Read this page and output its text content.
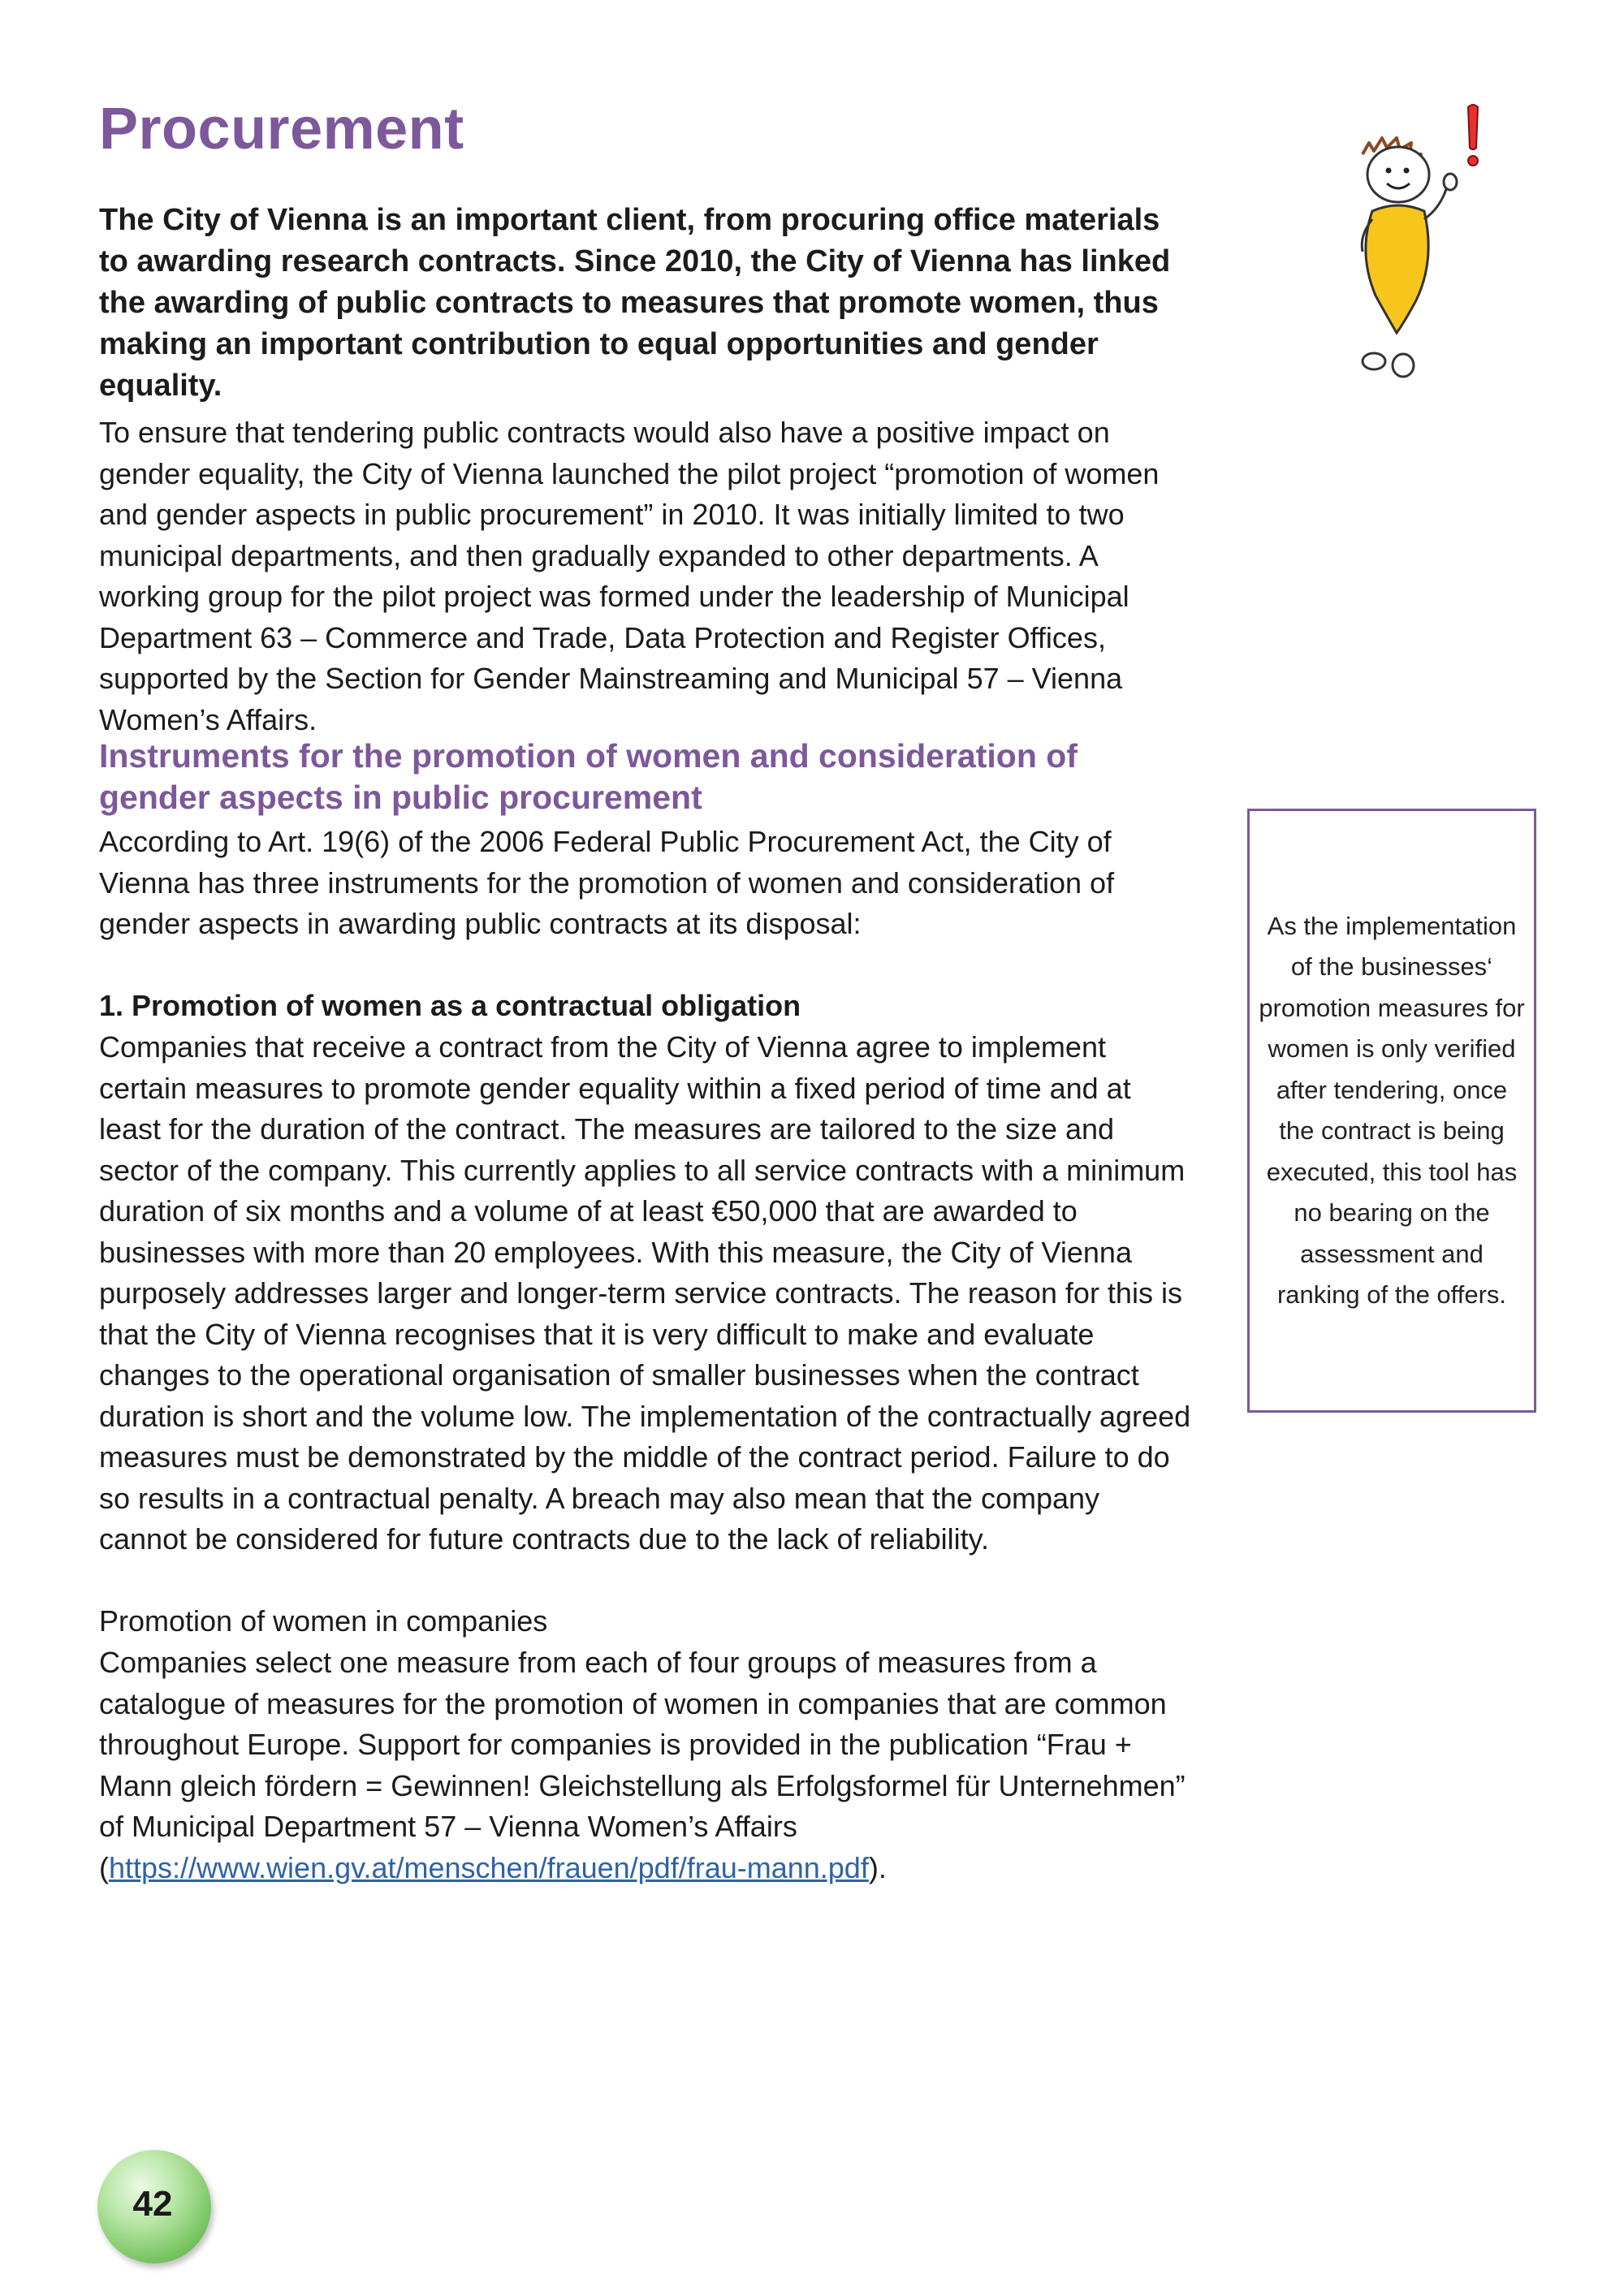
Procurement

The City of Vienna is an important client, from procuring office materials to awarding research contracts. Since 2010, the City of Vienna has linked the awarding of public contracts to measures that promote women, thus making an important contribution to equal opportunities and gender equality.

To ensure that tendering public contracts would also have a positive impact on gender equality, the City of Vienna launched the pilot project “promotion of women and gender aspects in public procurement” in 2010. It was initially limited to two municipal departments, and then gradually expanded to other departments. A working group for the pilot project was formed under the leadership of Municipal Department 63 – Commerce and Trade, Data Protection and Register Offices, supported by the Section for Gender Mainstreaming and Municipal 57 – Vienna Women’s Affairs.

Instruments for the promotion of women and consideration of gender aspects in public procurement

According to Art. 19(6) of the 2006 Federal Public Procurement Act, the City of Vienna has three instruments for the promotion of women and consideration of gender aspects in awarding public contracts at its disposal:

1. Promotion of women as a contractual obligation

Companies that receive a contract from the City of Vienna agree to implement certain measures to promote gender equality within a fixed period of time and at least for the duration of the contract. The measures are tailored to the size and sector of the company. This currently applies to all service contracts with a minimum duration of six months and a volume of at least €50,000 that are awarded to businesses with more than 20 employees. With this measure, the City of Vienna purposely addresses larger and longer-term service contracts. The reason for this is that the City of Vienna recognises that it is very difficult to make and evaluate changes to the operational organisation of smaller businesses when the contract duration is short and the volume low. The implementation of the contractually agreed measures must be demonstrated by the middle of the contract period. Failure to do so results in a contractual penalty. A breach may also mean that the company cannot be considered for future contracts due to the lack of reliability.

Promotion of women in companies

Companies select one measure from each of four groups of measures from a catalogue of measures for the promotion of women in companies that are common throughout Europe. Support for companies is provided in the publication “Frau + Mann gleich fördern = Gewinnen! Gleichstellung als Erfolgsformel für Unternehmen” of Municipal Department 57 – Vienna Women’s Affairs (https://www.wien.gv.at/menschen/frauen/pdf/frau-mann.pdf).

As the implementation of the businesses‘ promotion measures for women is only verified after tendering, once the contract is being executed, this tool has no bearing on the assessment and ranking of the offers.

42
